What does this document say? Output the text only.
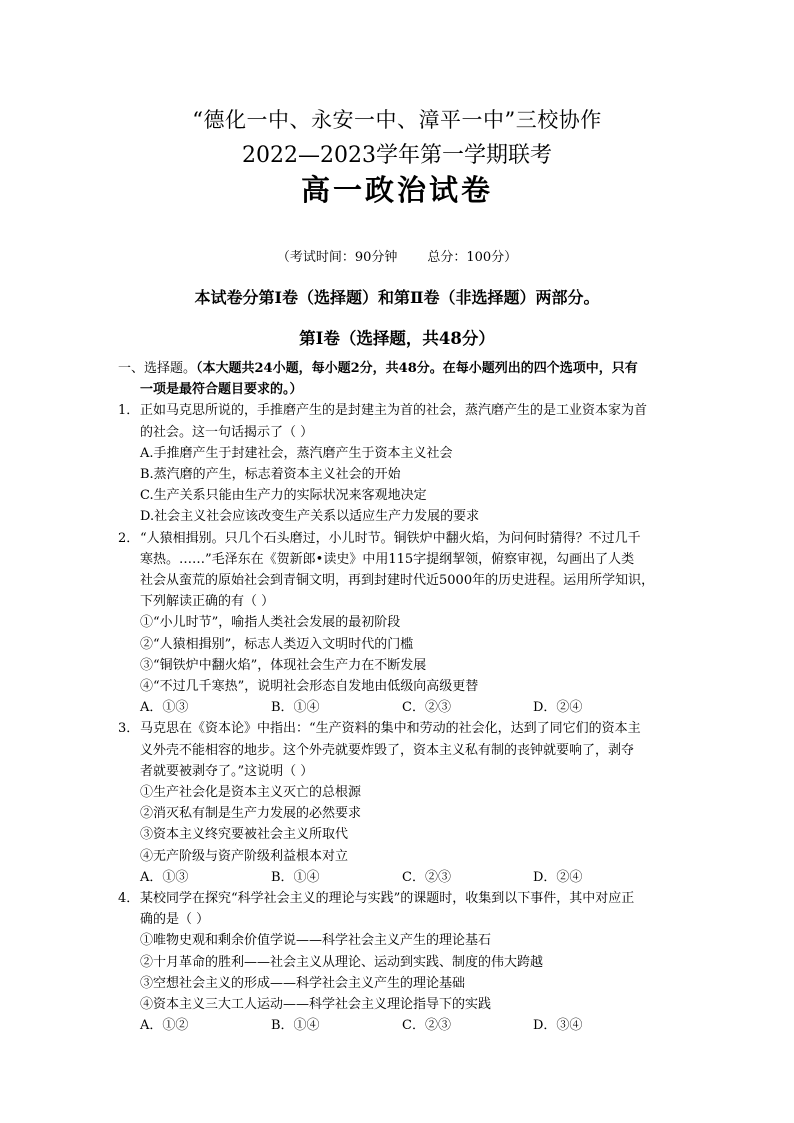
“德化一中、永安一中、漳平一中”三校协作
2022—2023学年第一学期联考
高一政治试卷
（考试时间：90分钟 总分：100分）
本试卷分第Ⅰ卷（选择题）和第Ⅱ卷（非选择题）两部分。
第Ⅰ卷（选择题，共48分）

一、选择题。（本大题共24小题，每小题2分，共48分。在每小题列出的四个选项中，只有

一项是最符合题目要求的。）

1． 正如马克思所说的，手推磨产生的是封建主为首的社会，蒸汽磨产生的是工业资本家为首
的社会。这一句话揭示了（ ）

A.手推磨产生于封建社会，蒸汽磨产生于资本主义社会

B.蒸汽磨的产生，标志着资本主义社会的开始

C.生产关系只能由生产力的实际状况来客观地决定

D.社会主义社会应该改变生产关系以适应生产力发展的要求

2． “人猿相揖别。只几个石头磨过，小儿时节。铜铁炉中翻火焰，为问何时猜得？不过几千
寒热。……”毛泽东在《贺新郎•读史》中用115字提纲挈领，俯察审视，勾画出了人类
社会从蛮荒的原始社会到青铜文明，再到封建时代近5000年的历史进程。运用所学知识，
下列解读正确的有（ ）

①“小儿时节”，喻指人类社会发展的最初阶段

②“人猿相揖别”，标志人类迈入文明时代的门槛

③“铜铁炉中翻火焰”，体现社会生产力在不断发展

④“不过几千寒热”，说明社会形态自发地由低级向高级更替

A．①③	B．①④	C．②③	D．②④
3． 马克思在《资本论》中指出：“生产资料的集中和劳动的社会化，达到了同它们的资本主
义外壳不能相容的地步。这个外壳就要炸毁了，资本主义私有制的丧钟就要响了，剥夺
者就要被剥夺了。”这说明（ ）

①生产社会化是资本主义灭亡的总根源

②消灭私有制是生产力发展的必然要求

③资本主义终究要被社会主义所取代

④无产阶级与资产阶级利益根本对立

A．①③	B．①④	C．②③	D．②④
4． 某校同学在探究“科学社会主义的理论与实践”的课题时，收集到以下事件，其中对应正
确的是（ ）

①唯物史观和剩余价值学说——科学社会主义产生的理论基石

②十月革命的胜利——社会主义从理论、运动到实践、制度的伟大跨越

③空想社会主义的形成——科学社会主义产生的理论基础

④资本主义三大工人运动——科学社会主义理论指导下的实践

A．①②	B．①④	C．②③	D．③④
